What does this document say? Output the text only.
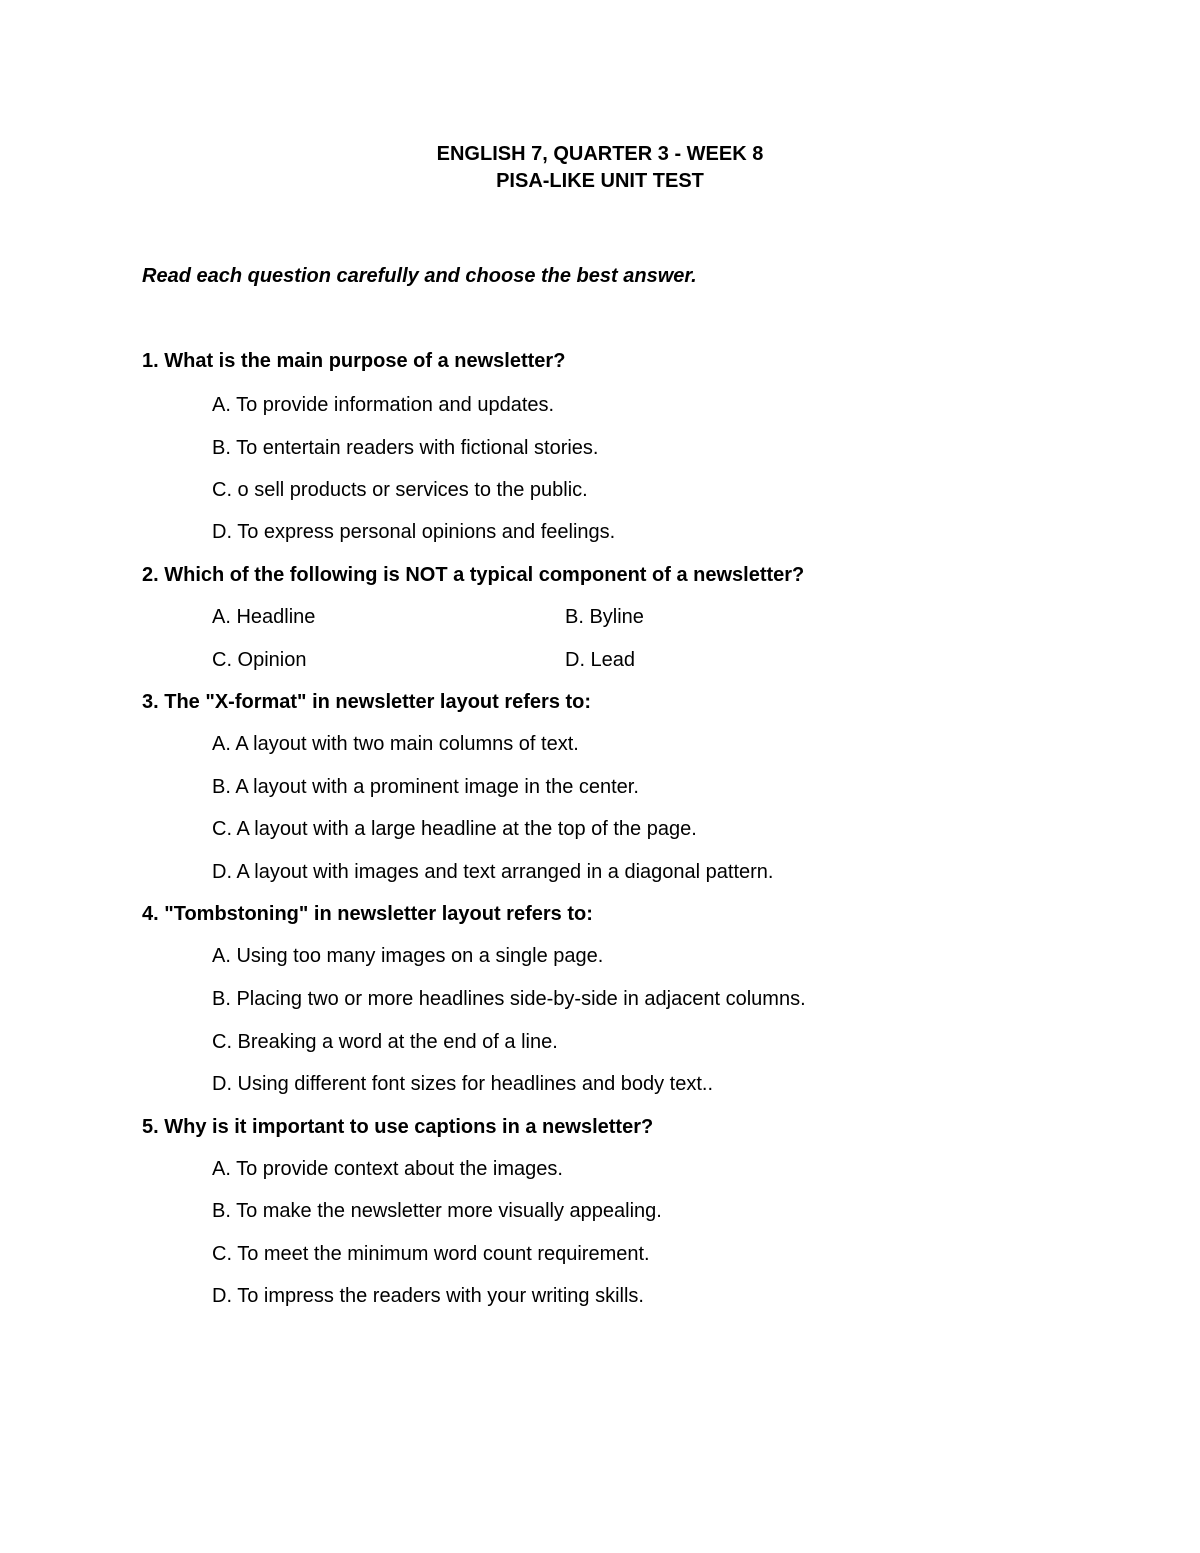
ENGLISH 7, QUARTER 3 - WEEK 8
PISA-LIKE UNIT TEST
Read each question carefully and choose the best answer.
1. What is the main purpose of a newsletter?
A. To provide information and updates.
B. To entertain readers with fictional stories.
C. o sell products or services to the public.
D. To express personal opinions and feelings.
2. Which of the following is NOT a typical component of a newsletter?
A. Headline	B. Byline
C. Opinion	D. Lead
3. The "X-format" in newsletter layout refers to:
A. A layout with two main columns of text.
B. A layout with a prominent image in the center.
C. A layout with a large headline at the top of the page.
D. A layout with images and text arranged in a diagonal pattern.
4. "Tombstoning" in newsletter layout refers to:
A. Using too many images on a single page.
B. Placing two or more headlines side-by-side in adjacent columns.
C. Breaking a word at the end of a line.
D. Using different font sizes for headlines and body text..
5. Why is it important to use captions in a newsletter?
A. To provide context about the images.
B. To make the newsletter more visually appealing.
C. To meet the minimum word count requirement.
D. To impress the readers with your writing skills.
